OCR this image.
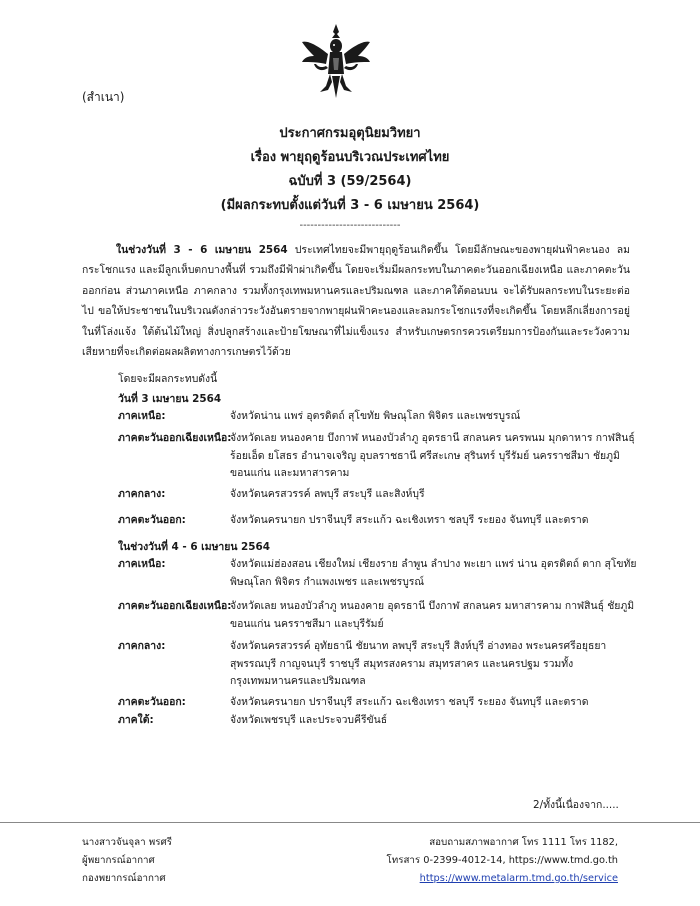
(สำเนา)
ประกาศกรมอุตุนิยมวิทยา
เรื่อง พายุฤดูร้อนบริเวณประเทศไทย
ฉบับที่ 3 (59/2564)
(มีผลกระทบตั้งแต่วันที่ 3 - 6 เมษายน 2564)
----------------------------

ในช่วงวันที่ 3 - 6 เมษายน 2564 ประเทศไทยจะมีพายุฤดูร้อนเกิดขึ้น โดยมีลักษณะของพายุฝนฟ้าคะนอง ลมกระโชกแรง และมีลูกเห็บตกบางพื้นที่ รวมถึงมีฟ้าผ่าเกิดขึ้น โดยจะเริ่มมีผลกระทบในภาคตะวันออกเฉียงเหนือ และภาคตะวันออกก่อน ส่วนภาคเหนือ ภาคกลาง รวมทั้งกรุงเทพมหานครและปริมณฑล และภาคใต้ตอนบน จะได้รับผลกระทบในระยะต่อไป ขอให้ประชาชนในบริเวณดังกล่าวระวังอันตรายจากพายุฝนฟ้าคะนองและลมกระโชกแรงที่จะเกิดขึ้น โดยหลีกเลี่ยงการอยู่ในที่โล่งแจ้ง ใต้ต้นไม้ใหญ่ สิ่งปลูกสร้างและป้ายโฆษณาที่ไม่แข็งแรง สำหรับเกษตรกรควรเตรียมการป้องกันและระวังความเสียหายที่จะเกิดต่อผลผลิตทางการเกษตรไว้ด้วย

โดยจะมีผลกระทบดังนี้
วันที่ 3 เมษายน 2564
ภาคเหนือ:	จังหวัดน่าน แพร่ อุตรดิตถ์ สุโขทัย พิษณุโลก พิจิตร และเพชรบูรณ์
ภาคตะวันออกเฉียงเหนือ:
จังหวัดเลย หนองคาย บึงกาฬ หนองบัวลำภู อุดรธานี สกลนคร นครพนม มุกดาหาร กาฬสินธุ์ ร้อยเอ็ด ยโสธร อำนาจเจริญ อุบลราชธานี ศรีสะเกษ สุรินทร์ บุรีรัมย์ นครราชสีมา ชัยภูมิ ขอนแก่น และมหาสารคาม
ภาคกลาง:	จังหวัดนครสวรรค์ ลพบุรี สระบุรี และสิงห์บุรี
ภาคตะวันออก:	จังหวัดนครนายก ปราจีนบุรี สระแก้ว ฉะเชิงเทรา ชลบุรี ระยอง จันทบุรี และตราด
ในช่วงวันที่ 4 - 6 เมษายน 2564
ภาคเหนือ:	จังหวัดแม่ฮ่องสอน เชียงใหม่ เชียงราย ลำพูน ลำปาง พะเยา แพร่ น่าน อุตรดิตถ์ ตาก สุโขทัย พิษณุโลก พิจิตร กำแพงเพชร และเพชรบูรณ์
ภาคตะวันออกเฉียงเหนือ:
จังหวัดเลย หนองบัวลำภู หนองคาย อุดรธานี บึงกาฬ สกลนคร มหาสารคาม กาฬสินธุ์ ชัยภูมิ ขอนแก่น นครราชสีมา และบุรีรัมย์
ภาคกลาง:	จังหวัดนครสวรรค์ อุทัยธานี ชัยนาท ลพบุรี สระบุรี สิงห์บุรี อ่างทอง พระนครศรีอยุธยา สุพรรณบุรี กาญจนบุรี ราชบุรี สมุทรสงคราม สมุทรสาคร และนครปฐม รวมทั้งกรุงเทพมหานครและปริมณฑล
ภาคตะวันออก:	จังหวัดนครนายก ปราจีนบุรี สระแก้ว ฉะเชิงเทรา ชลบุรี ระยอง จันทบุรี และตราด
ภาคใต้:	จังหวัดเพชรบุรี และประจวบคีรีขันธ์
2/ทั้งนี้เนื่องจาก.....
นางสาวจันจุลา พรศรี
ผู้พยากรณ์อากาศ
กองพยากรณ์อากาศ
สอบถามสภาพอากาศ โทร 1111 โทร 1182,
โทรสาร 0-2399-4012-14, https://www.tmd.go.th
https://www.metalarm.tmd.go.th/service
